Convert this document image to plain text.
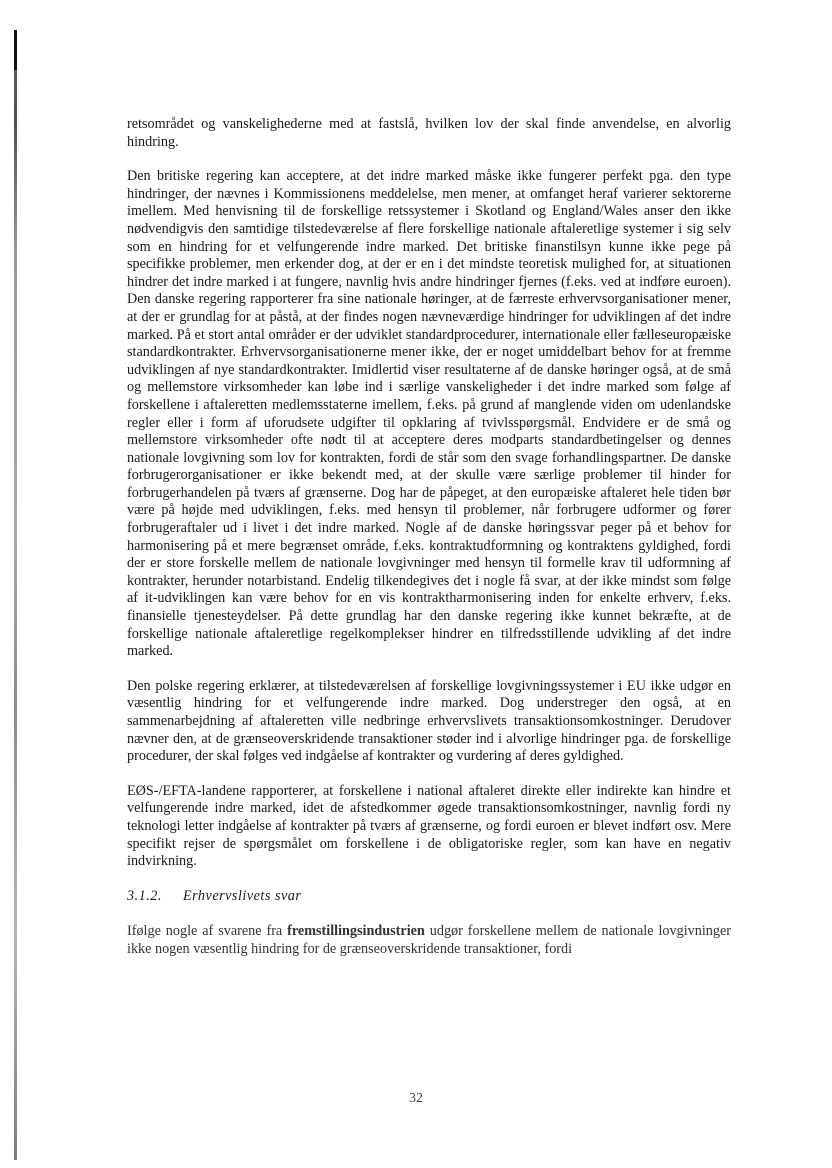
retsområdet og vanskelighederne med at fastslå, hvilken lov der skal finde anvendelse, en alvorlig hindring.

Den britiske regering kan acceptere, at det indre marked måske ikke fungerer perfekt pga. den type hindringer, der nævnes i Kommissionens meddelelse, men mener, at omfanget heraf varierer sektorerne imellem. Med henvisning til de forskellige retssystemer i Skotland og England/Wales anser den ikke nødvendigvis den samtidige tilstedeværelse af flere forskellige nationale aftaleretlige systemer i sig selv som en hindring for et velfungerende indre marked. Det britiske finanstilsyn kunne ikke pege på specifikke problemer, men erkender dog, at der er en i det mindste teoretisk mulighed for, at situationen hindrer det indre marked i at fungere, navnlig hvis andre hindringer fjernes (f.eks. ved at indføre euroen). Den danske regering rapporterer fra sine nationale høringer, at de færreste erhvervsorganisationer mener, at der er grundlag for at påstå, at der findes nogen nævneværdige hindringer for udviklingen af det indre marked. På et stort antal områder er der udviklet standardprocedurer, internationale eller fælleseuropæiske standardkontrakter. Erhvervsorganisationerne mener ikke, der er noget umiddelbart behov for at fremme udviklingen af nye standardkontrakter. Imidlertid viser resultaterne af de danske høringer også, at de små og mellemstore virksomheder kan løbe ind i særlige vanskeligheder i det indre marked som følge af forskellene i aftaleretten medlemsstaterne imellem, f.eks. på grund af manglende viden om udenlandske regler eller i form af uforudsete udgifter til opklaring af tvivlsspørgsmål. Endvidere er de små og mellemstore virksomheder ofte nødt til at acceptere deres modparts standardbetingelser og dennes nationale lovgivning som lov for kontrakten, fordi de står som den svage forhandlingspartner. De danske forbrugerorganisationer er ikke bekendt med, at der skulle være særlige problemer til hinder for forbrugerhandelen på tværs af grænserne. Dog har de påpeget, at den europæiske aftaleret hele tiden bør være på højde med udviklingen, f.eks. med hensyn til problemer, når forbrugere udformer og fører forbrugeraftaler ud i livet i det indre marked. Nogle af de danske høringssvar peger på et behov for harmonisering på et mere begrænset område, f.eks. kontraktudformning og kontraktens gyldighed, fordi der er store forskelle mellem de nationale lovgivninger med hensyn til formelle krav til udformning af kontrakter, herunder notarbistand. Endelig tilkendegives det i nogle få svar, at der ikke mindst som følge af it-udviklingen kan være behov for en vis kontraktharmonisering inden for enkelte erhverv, f.eks. finansielle tjenesteydelser. På dette grundlag har den danske regering ikke kunnet bekræfte, at de forskellige nationale aftaleretlige regelkomplekser hindrer en tilfredsstillende udvikling af det indre marked.

Den polske regering erklærer, at tilstedeværelsen af forskellige lovgivningssystemer i EU ikke udgør en væsentlig hindring for et velfungerende indre marked. Dog understreger den også, at en sammenarbejdning af aftaleretten ville nedbringe erhvervslivets transaktionsomkostninger. Derudover nævner den, at de grænseoverskridende transaktioner støder ind i alvorlige hindringer pga. de forskellige procedurer, der skal følges ved indgåelse af kontrakter og vurdering af deres gyldighed.

EØS-/EFTA-landene rapporterer, at forskellene i national aftaleret direkte eller indirekte kan hindre et velfungerende indre marked, idet de afstedkommer øgede transaktionsomkostninger, navnlig fordi ny teknologi letter indgåelse af kontrakter på tværs af grænserne, og fordi euroen er blevet indført osv. Mere specifikt rejser de spørgsmålet om forskellene i de obligatoriske regler, som kan have en negativ indvirkning.

3.1.2. Erhvervslivets svar

Ifølge nogle af svarene fra fremstillingsindustrien udgør forskellene mellem de nationale lovgivninger ikke nogen væsentlig hindring for de grænseoverskridende transaktioner, fordi

32
